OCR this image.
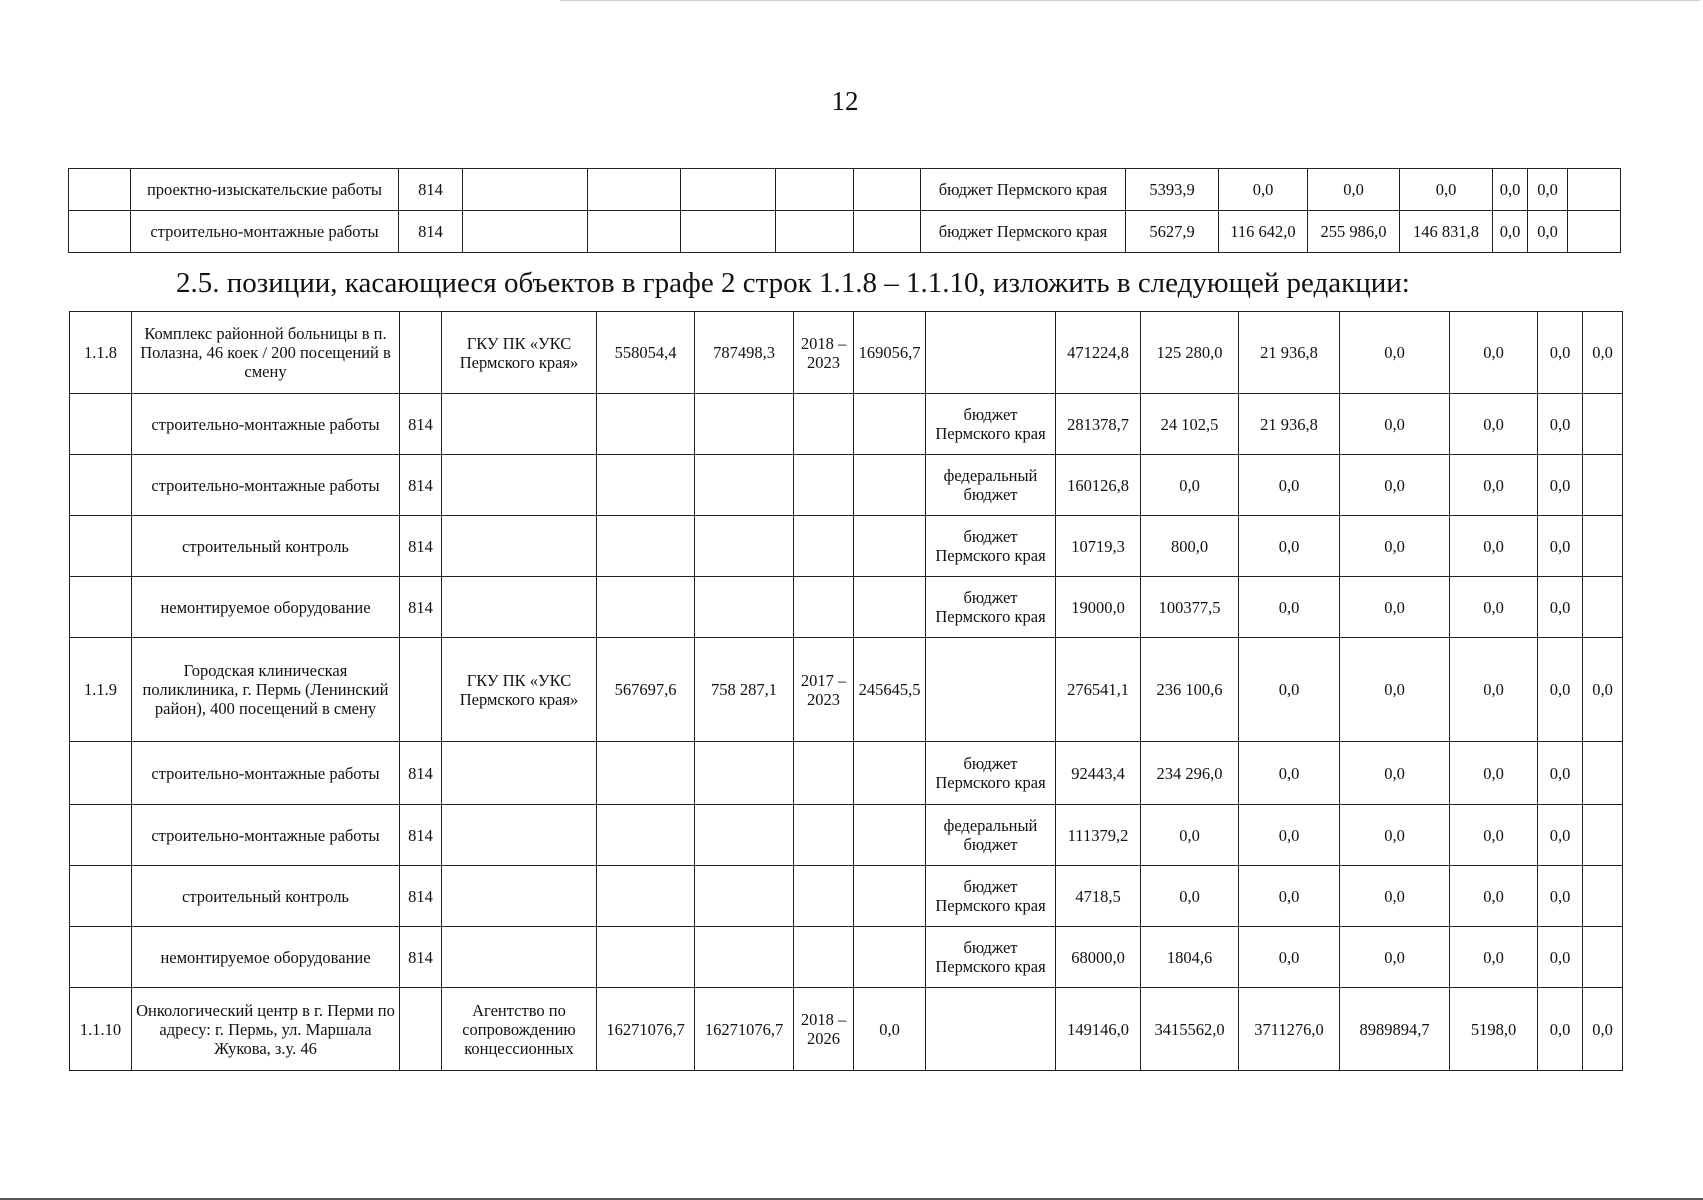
12
	проектно-изыскательские работы	814						бюджет Пермского края	5393,9	0,0	0,0	0,0	0,0	0,0	
	строительно-монтажные работы	814						бюджет Пермского края	5627,9	116 642,0	255 986,0	146 831,8	0,0	0,0	
2.5. позиции, касающиеся объектов в графе 2 строк 1.1.8 – 1.1.10, изложить в следующей редакции:
1.1.8	Комплекс районной больницы в п. Полазна, 46 коек / 200 посещений в смену		ГКУ ПК «УКС Пермского края»	558054,4	787498,3	2018 – 2023	169056,7		471224,8	125 280,0	21 936,8	0,0	0,0	0,0	0,0
	строительно-монтажные работы	814						бюджет Пермского края	281378,7	24 102,5	21 936,8	0,0	0,0	0,0	
	строительно-монтажные работы	814						федеральный бюджет	160126,8	0,0	0,0	0,0	0,0	0,0	
	строительный контроль	814						бюджет Пермского края	10719,3	800,0	0,0	0,0	0,0	0,0	
	немонтируемое оборудование	814						бюджет Пермского края	19000,0	100377,5	0,0	0,0	0,0	0,0	
1.1.9	Городская клиническая поликлиника, г. Пермь (Ленинский район), 400 посещений в смену		ГКУ ПК «УКС Пермского края»	567697,6	758 287,1	2017 – 2023	245645,5		276541,1	236 100,6	0,0	0,0	0,0	0,0	0,0
	строительно-монтажные работы	814						бюджет Пермского края	92443,4	234 296,0	0,0	0,0	0,0	0,0	
	строительно-монтажные работы	814						федеральный бюджет	111379,2	0,0	0,0	0,0	0,0	0,0	
	строительный контроль	814						бюджет Пермского края	4718,5	0,0	0,0	0,0	0,0	0,0	
	немонтируемое оборудование	814						бюджет Пермского края	68000,0	1804,6	0,0	0,0	0,0	0,0	
1.1.10	Онкологический центр в г. Перми по адресу: г. Пермь, ул. Маршала Жукова, з.у. 46		Агентство по сопровождению концессионных	16271076,7	16271076,7	2018 – 2026	0,0		149146,0	3415562,0	3711276,0	8989894,7	5198,0	0,0	0,0
